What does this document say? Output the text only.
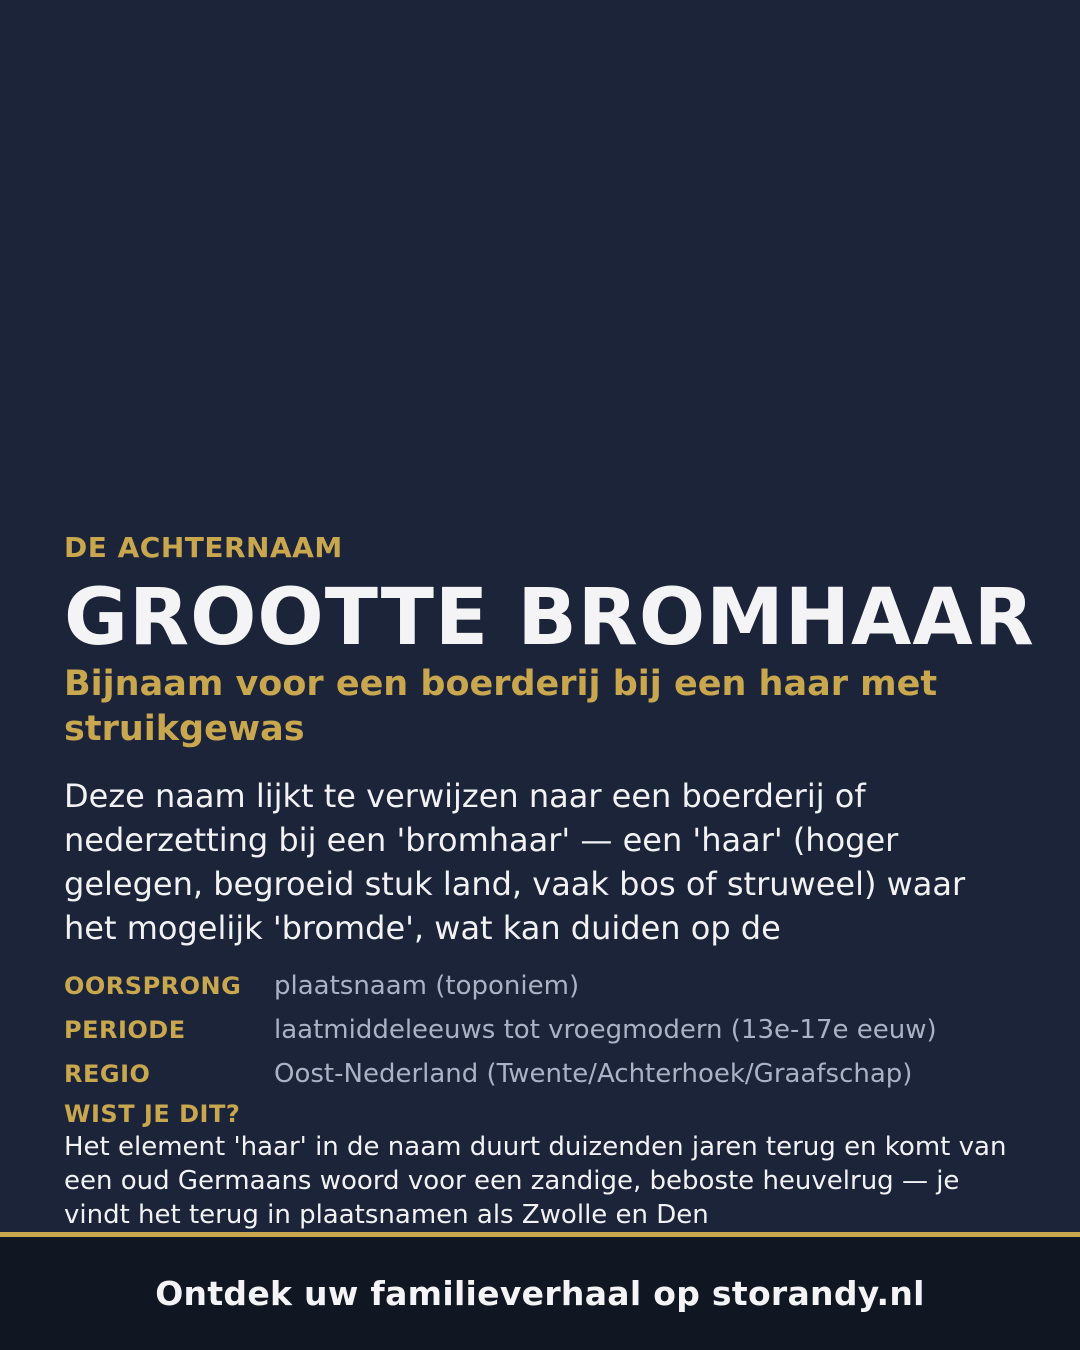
DE ACHTERNAAM
GROOTTE BROMHAAR
Bijnaam voor een boerderij bij een haar met struikgewas

Deze naam lijkt te verwijzen naar een boerderij of nederzetting bij een 'bromhaar' — een 'haar' (hoger gelegen, begroeid stuk land, vaak bos of struweel) waar het mogelijk 'bromde', wat kan duiden op de

OORSPRONG	plaatsnaam (toponiem)
PERIODE	laatmiddeleeuws tot vroegmodern (13e-17e eeuw)
REGIO	Oost-Nederland (Twente/Achterhoek/Graafschap)
WIST JE DIT?
Het element 'haar' in de naam duurt duizenden jaren terug en komt van een oud Germaans woord voor een zandige, beboste heuvelrug — je vindt het terug in plaatsnamen als Zwolle en Den
Ontdek uw familieverhaal op storandy.nl
